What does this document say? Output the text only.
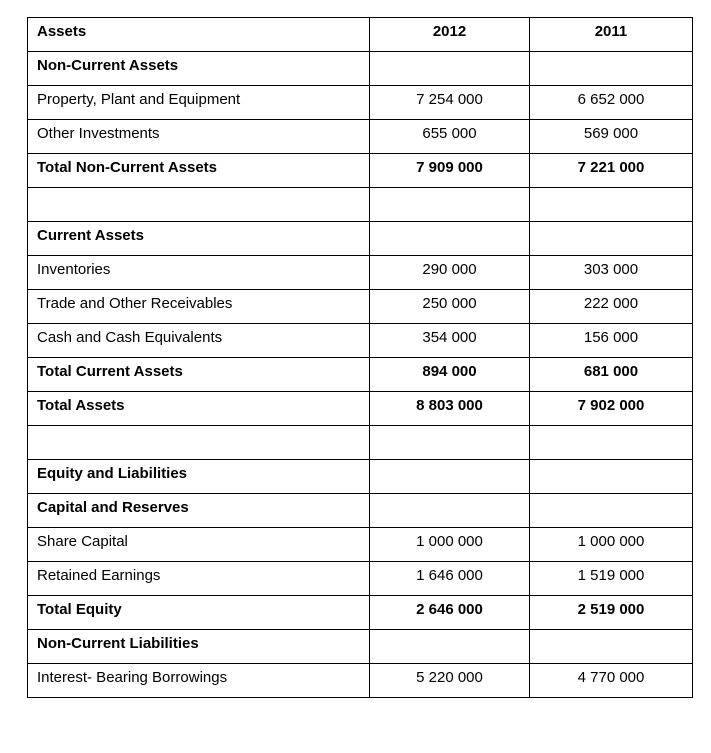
Assets	2012	2011

Non-Current Assets		

Property, Plant and Equipment	7 254 000	6 652 000

Other Investments	655 000	569 000

Total Non-Current Assets	7 909 000	7 221 000

Current Assets		

Inventories	290 000	303 000

Trade and Other Receivables	250 000	222 000

Cash and Cash Equivalents	354 000	156 000

Total Current Assets	894 000	681 000

Total Assets	8 803 000	7 902 000

Equity and Liabilities		

Capital and Reserves		

Share Capital	1 000 000	1 000 000

Retained Earnings	1 646 000	1 519 000

Total Equity	2 646 000	2 519 000

Non-Current Liabilities		

Interest- Bearing Borrowings	5 220 000	4 770 000
